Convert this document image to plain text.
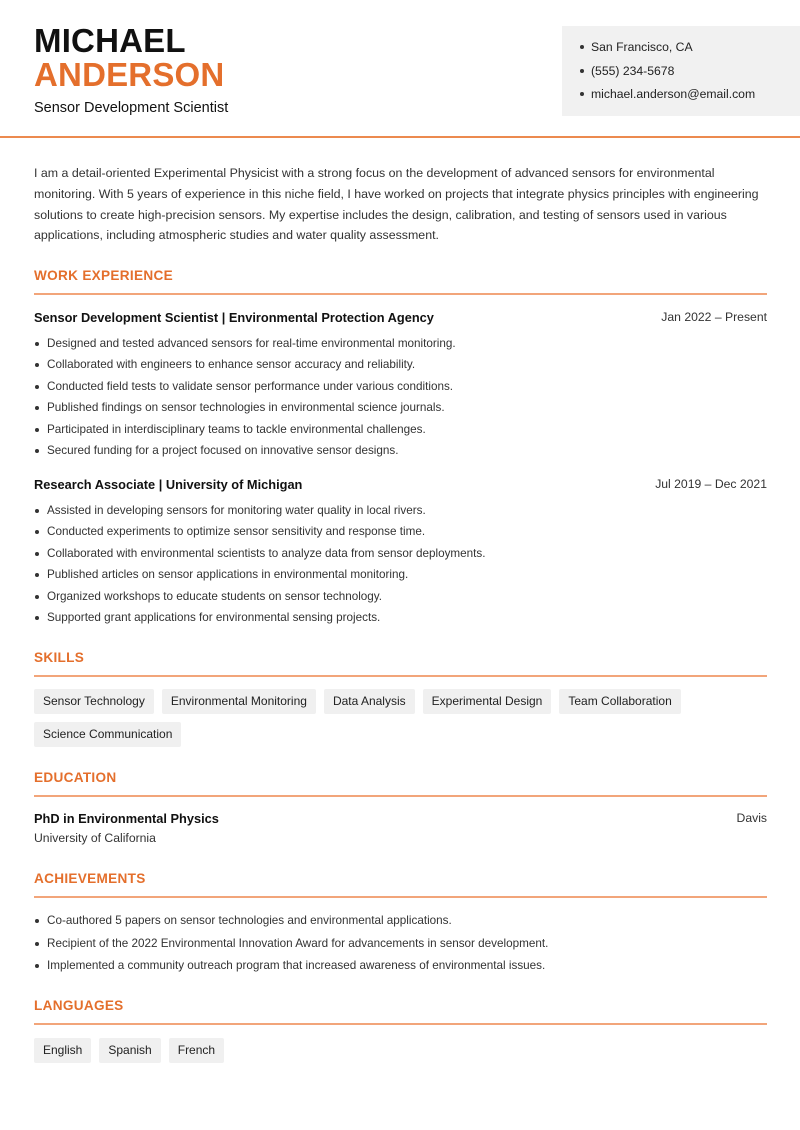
MICHAEL
ANDERSON
Sensor Development Scientist
San Francisco, CA
(555) 234-5678
michael.anderson@email.com

I am a detail-oriented Experimental Physicist with a strong focus on the development of advanced sensors for environmental monitoring. With 5 years of experience in this niche field, I have worked on projects that integrate physics principles with engineering solutions to create high-precision sensors. My expertise includes the design, calibration, and testing of sensors used in various applications, including atmospheric studies and water quality assessment.

WORK EXPERIENCE
Sensor Development Scientist | Environmental Protection Agency	Jan 2022 – Present
Designed and tested advanced sensors for real-time environmental monitoring.
Collaborated with engineers to enhance sensor accuracy and reliability.
Conducted field tests to validate sensor performance under various conditions.
Published findings on sensor technologies in environmental science journals.
Participated in interdisciplinary teams to tackle environmental challenges.
Secured funding for a project focused on innovative sensor designs.
Research Associate | University of Michigan	Jul 2019 – Dec 2021
Assisted in developing sensors for monitoring water quality in local rivers.
Conducted experiments to optimize sensor sensitivity and response time.
Collaborated with environmental scientists to analyze data from sensor deployments.
Published articles on sensor applications in environmental monitoring.
Organized workshops to educate students on sensor technology.
Supported grant applications for environmental sensing projects.
SKILLS
Sensor Technology	Environmental Monitoring	Data Analysis	Experimental Design	Team Collaboration
Science Communication
EDUCATION
PhD in Environmental Physics	Davis
University of California
ACHIEVEMENTS
Co-authored 5 papers on sensor technologies and environmental applications.
Recipient of the 2022 Environmental Innovation Award for advancements in sensor development.
Implemented a community outreach program that increased awareness of environmental issues.
LANGUAGES
English	Spanish	French
